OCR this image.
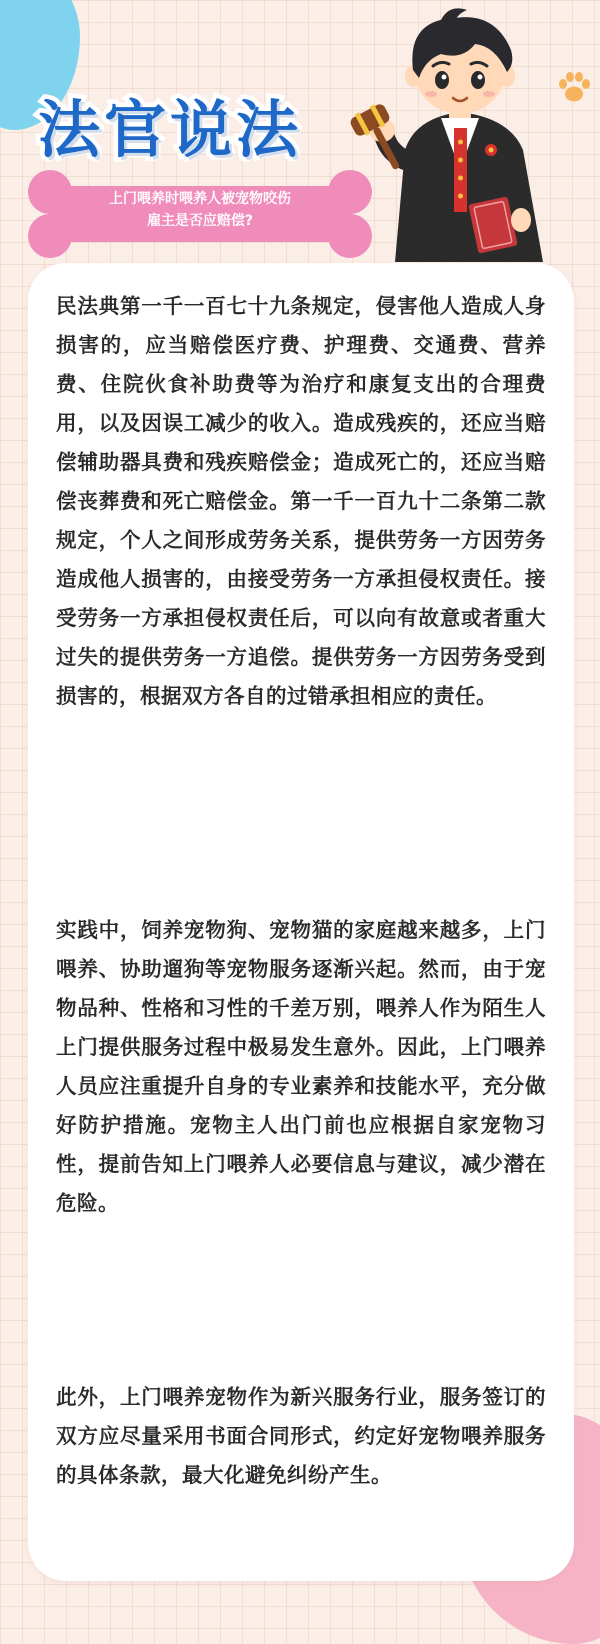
法官说法
上门喂养时喂养人被宠物咬伤
雇主是否应赔偿?

民法典第一千一百七十九条规定，侵害他人造成人身损害的，应当赔偿医疗费、护理费、交通费、营养费、住院伙食补助费等为治疗和康复支出的合理费用，以及因误工减少的收入。造成残疾的，还应当赔偿辅助器具费和残疾赔偿金；造成死亡的，还应当赔偿丧葬费和死亡赔偿金。第一千一百九十二条第二款规定，个人之间形成劳务关系，提供劳务一方因劳务造成他人损害的，由接受劳务一方承担侵权责任。接受劳务一方承担侵权责任后，可以向有故意或者重大过失的提供劳务一方追偿。提供劳务一方因劳务受到损害的，根据双方各自的过错承担相应的责任。

实践中，饲养宠物狗、宠物猫的家庭越来越多，上门喂养、协助遛狗等宠物服务逐渐兴起。然而，由于宠物品种、性格和习性的千差万别，喂养人作为陌生人上门提供服务过程中极易发生意外。因此，上门喂养人员应注重提升自身的专业素养和技能水平，充分做好防护措施。宠物主人出门前也应根据自家宠物习性，提前告知上门喂养人必要信息与建议，减少潜在危险。

此外，上门喂养宠物作为新兴服务行业，服务签订的双方应尽量采用书面合同形式，约定好宠物喂养服务的具体条款，最大化避免纠纷产生。
